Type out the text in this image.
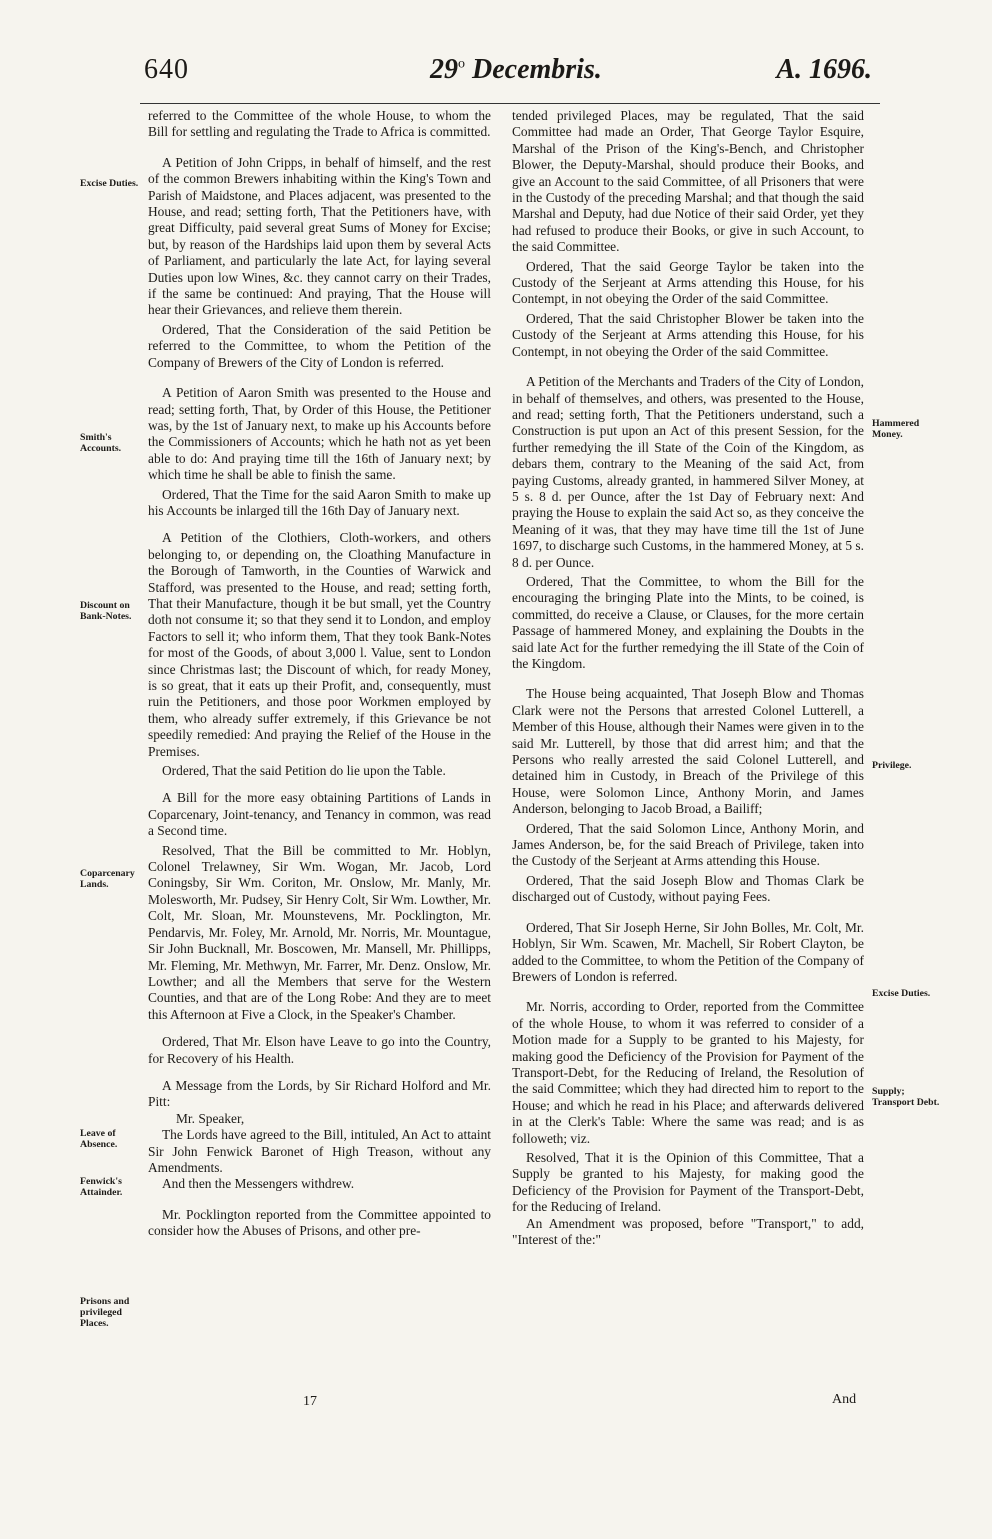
640	29$^o$ Decembris.	A. 1696.
Excise Duties.
Smith's Accounts.
Discount on Bank-Notes.
Coparcenary Lands.
Leave of Absence.
Fenwick's Attainder.
Prisons and privileged Places.
Hammered Money.
Privilege.
Excise Duties.
Supply; Transport Debt.

referred to the Committee of the whole House, to whom the Bill for settling and regulating the Trade to Africa is committed.

A Petition of John Cripps, in behalf of himself, and the rest of the common Brewers inhabiting within the King's Town and Parish of Maidstone, and Places adjacent, was presented to the House, and read; setting forth, That the Petitioners have, with great Difficulty, paid several great Sums of Money for Excise; but, by reason of the Hardships laid upon them by several Acts of Parliament, and particularly the late Act, for laying several Duties upon low Wines, &c. they cannot carry on their Trades, if the same be continued: And praying, That the House will hear their Grievances, and relieve them therein.

Ordered, That the Consideration of the said Petition be referred to the Committee, to whom the Petition of the Company of Brewers of the City of London is referred.

A Petition of Aaron Smith was presented to the House and read; setting forth, That, by Order of this House, the Petitioner was, by the 1st of January next, to make up his Accounts before the Commissioners of Accounts; which he hath not as yet been able to do: And praying time till the 16th of January next; by which time he shall be able to finish the same.

Ordered, That the Time for the said Aaron Smith to make up his Accounts be inlarged till the 16th Day of January next.

A Petition of the Clothiers, Cloth-workers, and others belonging to, or depending on, the Cloathing Manufacture in the Borough of Tamworth, in the Counties of Warwick and Stafford, was presented to the House, and read; setting forth, That their Manufacture, though it be but small, yet the Country doth not consume it; so that they send it to London, and employ Factors to sell it; who inform them, That they took Bank-Notes for most of the Goods, of about 3,000 l. Value, sent to London since Christmas last; the Discount of which, for ready Money, is so great, that it eats up their Profit, and, consequently, must ruin the Petitioners, and those poor Workmen employed by them, who already suffer extremely, if this Grievance be not speedily remedied: And praying the Relief of the House in the Premises.

Ordered, That the said Petition do lie upon the Table.

A Bill for the more easy obtaining Partitions of Lands in Coparcenary, Joint-tenancy, and Tenancy in common, was read a Second time.

Resolved, That the Bill be committed to Mr. Hoblyn, Colonel Trelawney, Sir Wm. Wogan, Mr. Jacob, Lord Coningsby, Sir Wm. Coriton, Mr. Onslow, Mr. Manly, Mr. Molesworth, Mr. Pudsey, Sir Henry Colt, Sir Wm. Lowther, Mr. Colt, Mr. Sloan, Mr. Mounstevens, Mr. Pocklington, Mr. Pendarvis, Mr. Foley, Mr. Arnold, Mr. Norris, Mr. Mountague, Sir John Bucknall, Mr. Boscowen, Mr. Mansell, Mr. Phillipps, Mr. Fleming, Mr. Methwyn, Mr. Farrer, Mr. Denz. Onslow, Mr. Lowther; and all the Members that serve for the Western Counties, and that are of the Long Robe: And they are to meet this Afternoon at Five a Clock, in the Speaker's Chamber.

Ordered, That Mr. Elson have Leave to go into the Country, for Recovery of his Health.

A Message from the Lords, by Sir Richard Holford and Mr. Pitt:

Mr. Speaker,

The Lords have agreed to the Bill, intituled, An Act to attaint Sir John Fenwick Baronet of High Treason, without any Amendments.

And then the Messengers withdrew.

Mr. Pocklington reported from the Committee appointed to consider how the Abuses of Prisons, and other pre-

tended privileged Places, may be regulated, That the said Committee had made an Order, That George Taylor Esquire, Marshal of the Prison of the King's-Bench, and Christopher Blower, the Deputy-Marshal, should produce their Books, and give an Account to the said Committee, of all Prisoners that were in the Custody of the preceding Marshal; and that though the said Marshal and Deputy, had due Notice of their said Order, yet they had refused to produce their Books, or give in such Account, to the said Committee.

Ordered, That the said George Taylor be taken into the Custody of the Serjeant at Arms attending this House, for his Contempt, in not obeying the Order of the said Committee.

Ordered, That the said Christopher Blower be taken into the Custody of the Serjeant at Arms attending this House, for his Contempt, in not obeying the Order of the said Committee.

A Petition of the Merchants and Traders of the City of London, in behalf of themselves, and others, was presented to the House, and read; setting forth, That the Petitioners understand, such a Construction is put upon an Act of this present Session, for the further remedying the ill State of the Coin of the Kingdom, as debars them, contrary to the Meaning of the said Act, from paying Customs, already granted, in hammered Silver Money, at 5 s. 8 d. per Ounce, after the 1st Day of February next: And praying the House to explain the said Act so, as they conceive the Meaning of it was, that they may have time till the 1st of June 1697, to discharge such Customs, in the hammered Money, at 5 s. 8 d. per Ounce.

Ordered, That the Committee, to whom the Bill for the encouraging the bringing Plate into the Mints, to be coined, is committed, do receive a Clause, or Clauses, for the more certain Passage of hammered Money, and explaining the Doubts in the said late Act for the further remedying the ill State of the Coin of the Kingdom.

The House being acquainted, That Joseph Blow and Thomas Clark were not the Persons that arrested Colonel Lutterell, a Member of this House, although their Names were given in to the said Mr. Lutterell, by those that did arrest him; and that the Persons who really arrested the said Colonel Lutterell, and detained him in Custody, in Breach of the Privilege of this House, were Solomon Lince, Anthony Morin, and James Anderson, belonging to Jacob Broad, a Bailiff;

Ordered, That the said Solomon Lince, Anthony Morin, and James Anderson, be, for the said Breach of Privilege, taken into the Custody of the Serjeant at Arms attending this House.

Ordered, That the said Joseph Blow and Thomas Clark be discharged out of Custody, without paying Fees.

Ordered, That Sir Joseph Herne, Sir John Bolles, Mr. Colt, Mr. Hoblyn, Sir Wm. Scawen, Mr. Machell, Sir Robert Clayton, be added to the Committee, to whom the Petition of the Company of Brewers of London is referred.

Mr. Norris, according to Order, reported from the Committee of the whole House, to whom it was referred to consider of a Motion made for a Supply to be granted to his Majesty, for making good the Deficiency of the Provision for Payment of the Transport-Debt, for the Reducing of Ireland, the Resolution of the said Committee; which they had directed him to report to the House; and which he read in his Place; and afterwards delivered in at the Clerk's Table: Where the same was read; and is as followeth; viz.

Resolved, That it is the Opinion of this Committee, That a Supply be granted to his Majesty, for making good the Deficiency of the Provision for Payment of the Transport-Debt, for the Reducing of Ireland.

An Amendment was proposed, before "Transport," to add, "Interest of the:"

17	And
